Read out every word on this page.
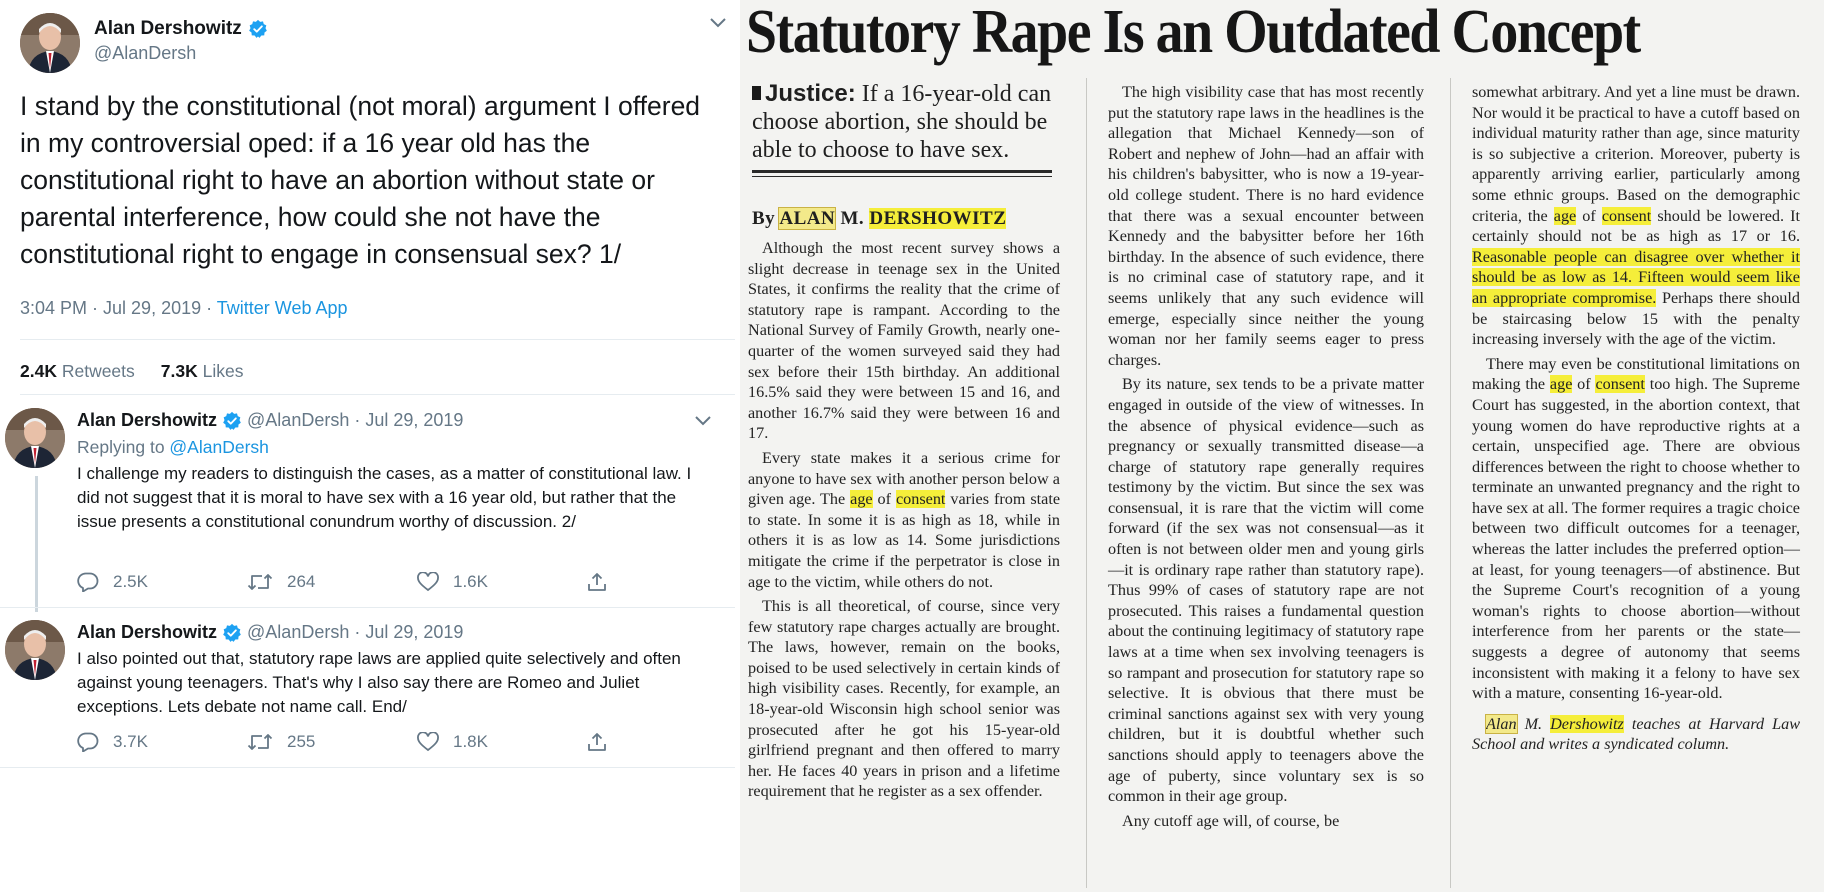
Alan Dershowitz
@AlanDersh
I stand by the constitutional (not moral) argument I offered in my controversial oped: if a 16 year old has the constitutional right to have an abortion without state or parental interference, how could she not have the constitutional right to engage in consensual sex? 1/
3:04 PM · Jul 29, 2019 · Twitter Web App
2.4K Retweets 7.3K Likes
Alan Dershowitz @AlanDersh · Jul 29, 2019
Replying to @AlanDersh
I challenge my readers to distinguish the cases, as a matter of constitutional law. I did not suggest that it is moral to have sex with a 16 year old, but rather that the issue presents a constitutional conundrum worthy of discussion. 2/
2.5K	264	1.6K
Alan Dershowitz @AlanDersh · Jul 29, 2019
I also pointed out that, statutory rape laws are applied quite selectively and often against young teenagers. That's why I also say there are Romeo and Juliet exceptions. Lets debate not name call. End/
3.7K	255	1.8K
Statutory Rape Is an Outdated Concept
Justice: If a 16-year-old can choose abortion, she should be able to choose to have sex.
By ALAN M. DERSHOWITZ

Although the most recent survey shows a slight decrease in teenage sex in the United States, it confirms the reality that the crime of statutory rape is rampant. According to the National Survey of Family Growth, nearly one-quarter of the women surveyed said they had sex before their 15th birthday. An additional 16.5% said they were between 15 and 16, and another 16.7% said they were between 16 and 17.

Every state makes it a serious crime for anyone to have sex with another person below a given age. The age of consent varies from state to state. In some it is as high as 18, while in others it is as low as 14. Some jurisdictions mitigate the crime if the perpetrator is close in age to the victim, while others do not.

This is all theoretical, of course, since very few statutory rape charges actually are brought. The laws, however, remain on the books, poised to be used selectively in certain kinds of high visibility cases. Recently, for example, an 18-year-old Wisconsin high school senior was prosecuted after he got his 15-year-old girlfriend pregnant and then offered to marry her. He faces 40 years in prison and a lifetime requirement that he register as a sex offender.

The high visibility case that has most recently put the statutory rape laws in the headlines is the allegation that Michael Kennedy—son of Robert and nephew of John—had an affair with his children's babysitter, who is now a 19-year-old college student. There is no hard evidence that there was a sexual encounter between Kennedy and the babysitter before her 16th birthday. In the absence of such evidence, there is no criminal case of statutory rape, and it seems unlikely that any such evidence will emerge, especially since neither the young woman nor her family seems eager to press charges.

By its nature, sex tends to be a private matter engaged in outside of the view of witnesses. In the absence of physical evidence—such as pregnancy or sexually transmitted disease—a charge of statutory rape generally requires testimony by the victim. But since the sex was consensual, it is rare that the victim will come forward (if the sex was not consensual—as it often is not between older men and young girls—it is ordinary rape rather than statutory rape). Thus 99% of cases of statutory rape are not prosecuted. This raises a fundamental question about the continuing legitimacy of statutory rape laws at a time when sex involving teenagers is so rampant and prosecution for statutory rape so selective. It is obvious that there must be criminal sanctions against sex with very young children, but it is doubtful whether such sanctions should apply to teenagers above the age of puberty, since voluntary sex is so common in their age group.

Any cutoff age will, of course, be

somewhat arbitrary. And yet a line must be drawn. Nor would it be practical to have a cutoff based on individual maturity rather than age, since maturity is so subjective a criterion. Moreover, puberty is apparently arriving earlier, particularly among some ethnic groups. Based on the demographic criteria, the age of consent should be lowered. It certainly should not be as high as 17 or 16. Reasonable people can disagree over whether it should be as low as 14. Fifteen would seem like an appropriate compromise. Perhaps there should be staircasing below 15 with the penalty increasing inversely with the age of the victim.

There may even be constitutional limitations on making the age of consent too high. The Supreme Court has suggested, in the abortion context, that young women do have reproductive rights at a certain, unspecified age. There are obvious differences between the right to choose whether to terminate an unwanted pregnancy and the right to have sex at all. The former requires a tragic choice between two difficult outcomes for a teenager, whereas the latter includes the preferred option—at least, for young teenagers—of abstinence. But the Supreme Court's recognition of a young woman's rights to choose abortion—without interference from her parents or the state—suggests a degree of autonomy that seems inconsistent with making it a felony to have sex with a mature, consenting 16-year-old.

Alan M. Dershowitz teaches at Harvard Law School and writes a syndicated column.
